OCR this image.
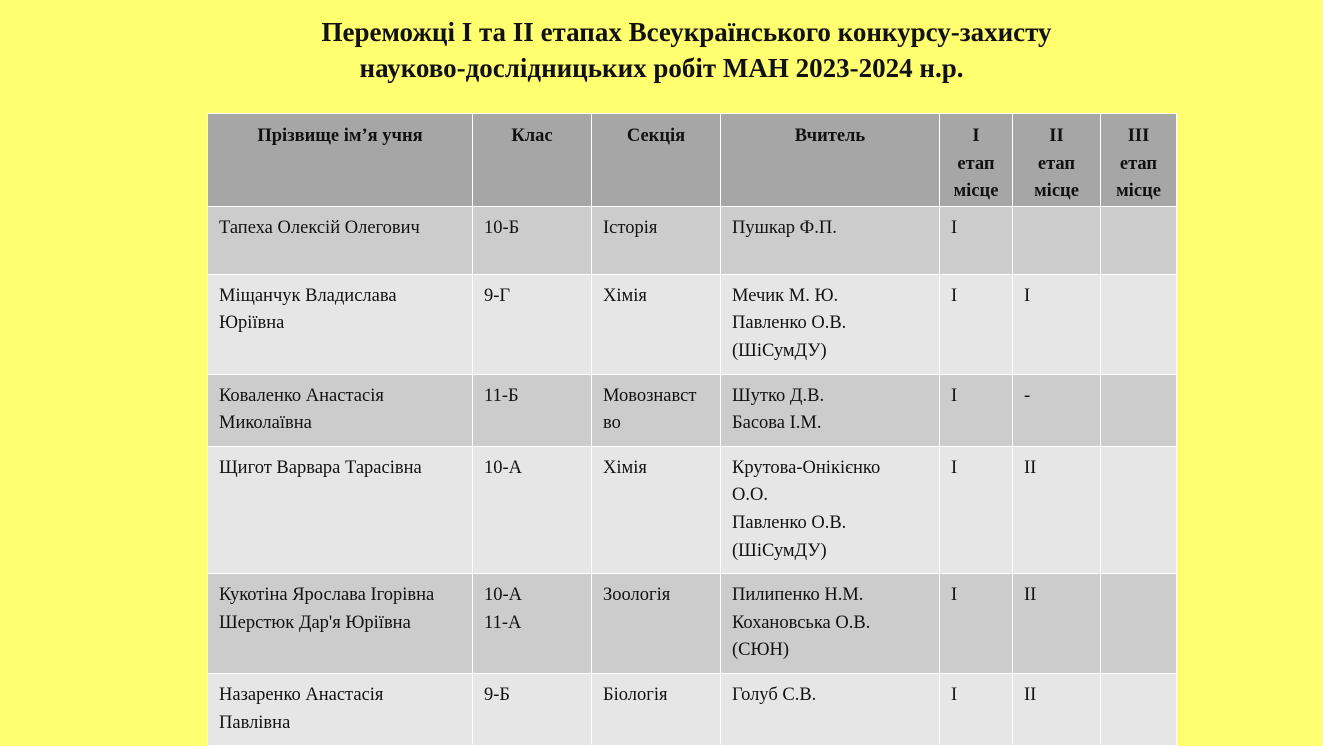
Переможці І та ІІ етапах Всеукраїнського конкурсу-захисту
науково-дослідницьких робіт МАН 2023-2024 н.р.
Прізвище ім’я учня	Клас	Секція	Вчитель	І
етап
місце	ІІ
етап
місце	ІІІ
етап
місце

Тапеха Олексій Олегович	10-Б	Історія	Пушкар Ф.П.	І		

Міщанчук Владислава
Юріївна	9-Г	Хімія	Мечик М. Ю.
Павленко О.В.
(ШіСумДУ)	І	І	

Коваленко Анастасія
Миколаївна	11-Б	Мовознавст
во	Шутко Д.В.
Басова І.М.	І	-	

Щигот Варвара Тарасівна	10-А	Хімія	Крутова-Онікієнко
О.О.
Павленко О.В.
(ШіСумДУ)	І	ІІ	

Кукотіна Ярослава Ігорівна
Шерстюк Дар'я Юріївна	10-А
11-А	Зоологія	Пилипенко Н.М.
Кохановська О.В.
(СЮН)	І	ІІ	

Назаренко Анастасія
Павлівна	9-Б	Біологія	Голуб С.В.	І	ІІ	
